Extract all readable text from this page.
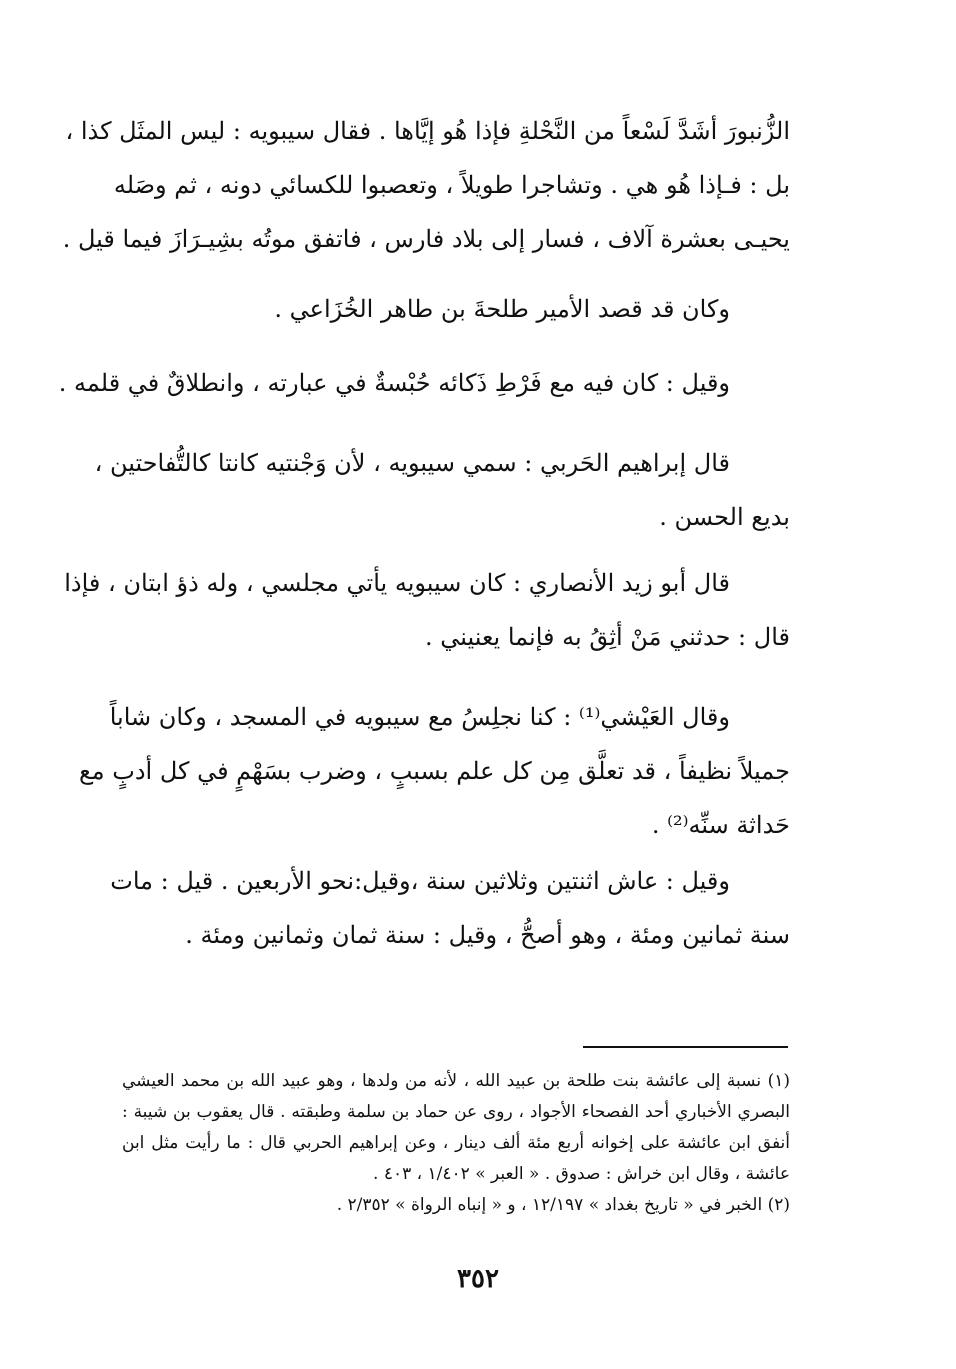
الزُّنبورَ أشَدَّ لَسْعاً من النَّحْلةِ فإذا هُو إيَّاها . فقال سيبويه : ليس المثَل كذا ،
بل : فـإذا هُو هي . وتشاجرا طويلاً ، وتعصبوا للكسائي دونه ، ثم وصَله
يحيـى بعشرة آلاف ، فسار إلى بلاد فارس ، فاتفق موتُه بشِيـرَازَ فيما قيل .

وكان قد قصد الأمير طلحةَ بن طاهر الخُزَاعي .

وقيل : كان فيه مع فَرْطِ ذَكائه حُبْسةٌ في عبارته ، وانطلاقٌ في قلمه .

قال إبراهيم الحَربي : سمي سيبويه ، لأن وَجْنتيه كانتا كالتُّفاحتين ،
بديع الحسن .

قال أبو زيد الأنصاري : كان سيبويه يأتي مجلسي ، وله ذؤ ابتان ، فإذا
قال : حدثني مَنْ أثِقُ به فإنما يعنيني .

وقال العَيْشي⁽¹⁾ : كنا نجلِسُ مع سيبويه في المسجد ، وكان شاباً
جميلاً نظيفاً ، قد تعلَّق مِن كل علم بسببٍ ، وضرب بسَهْمٍ في كل أدبٍ مع
حَداثة سنِّه⁽²⁾ .

وقيل : عاش اثنتين وثلاثين سنة ،وقيل:نحو الأربعين . قيل : مات
سنة ثمانين ومئة ، وهو أصحُّ ، وقيل : سنة ثمان وثمانين ومئة .

(١) نسبة إلى عائشة بنت طلحة بن عبيد الله ، لأنه من ولدها ، وهو عبيد الله بن محمد العيشي
البصري الأخباري أحد الفصحاء الأجواد ، روى عن حماد بن سلمة وطبقته . قال يعقوب بن شيبة :
أنفق ابن عائشة على إخوانه أربع مئة ألف دينار ، وعن إبراهيم الحربي قال : ما رأيت مثل ابن
عائشة ، وقال ابن خراش : صدوق . « العبر » ١/٤٠٢ ، ٤٠٣ .
(٢) الخبر في « تاريخ بغداد » ١٢/١٩٧ ، و « إنباه الرواة » ٢/٣٥٢ .
٣٥٢
